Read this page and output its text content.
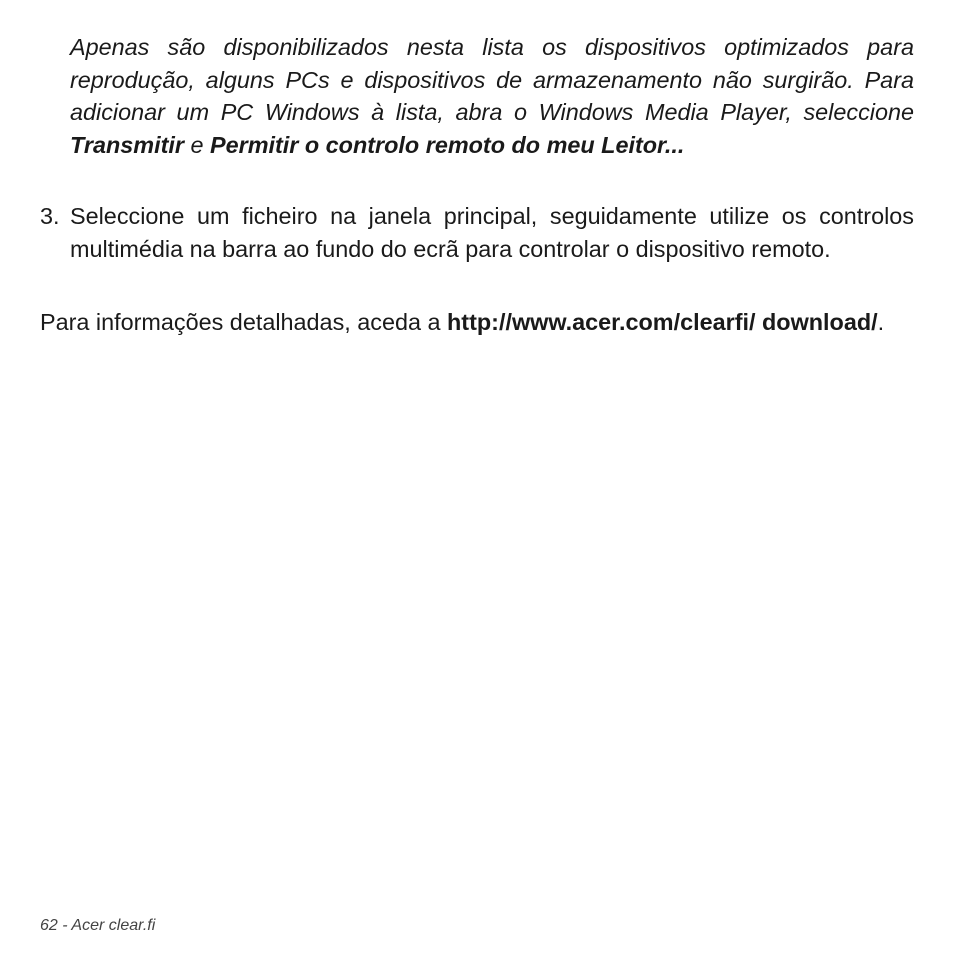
Apenas são disponibilizados nesta lista os dispositivos optimizados para reprodução, alguns PCs e dispositivos de armazenamento não surgirão. Para adicionar um PC Windows à lista, abra o Windows Media Player, seleccione Transmitir e Permitir o controlo remoto do meu Leitor...

3. Seleccione um ficheiro na janela principal, seguidamente utilize os controlos multimédia na barra ao fundo do ecrã para controlar o dispositivo remoto.

Para informações detalhadas, aceda a http://www.acer.com/clearfi/ download/.

62 - Acer clear.fi
